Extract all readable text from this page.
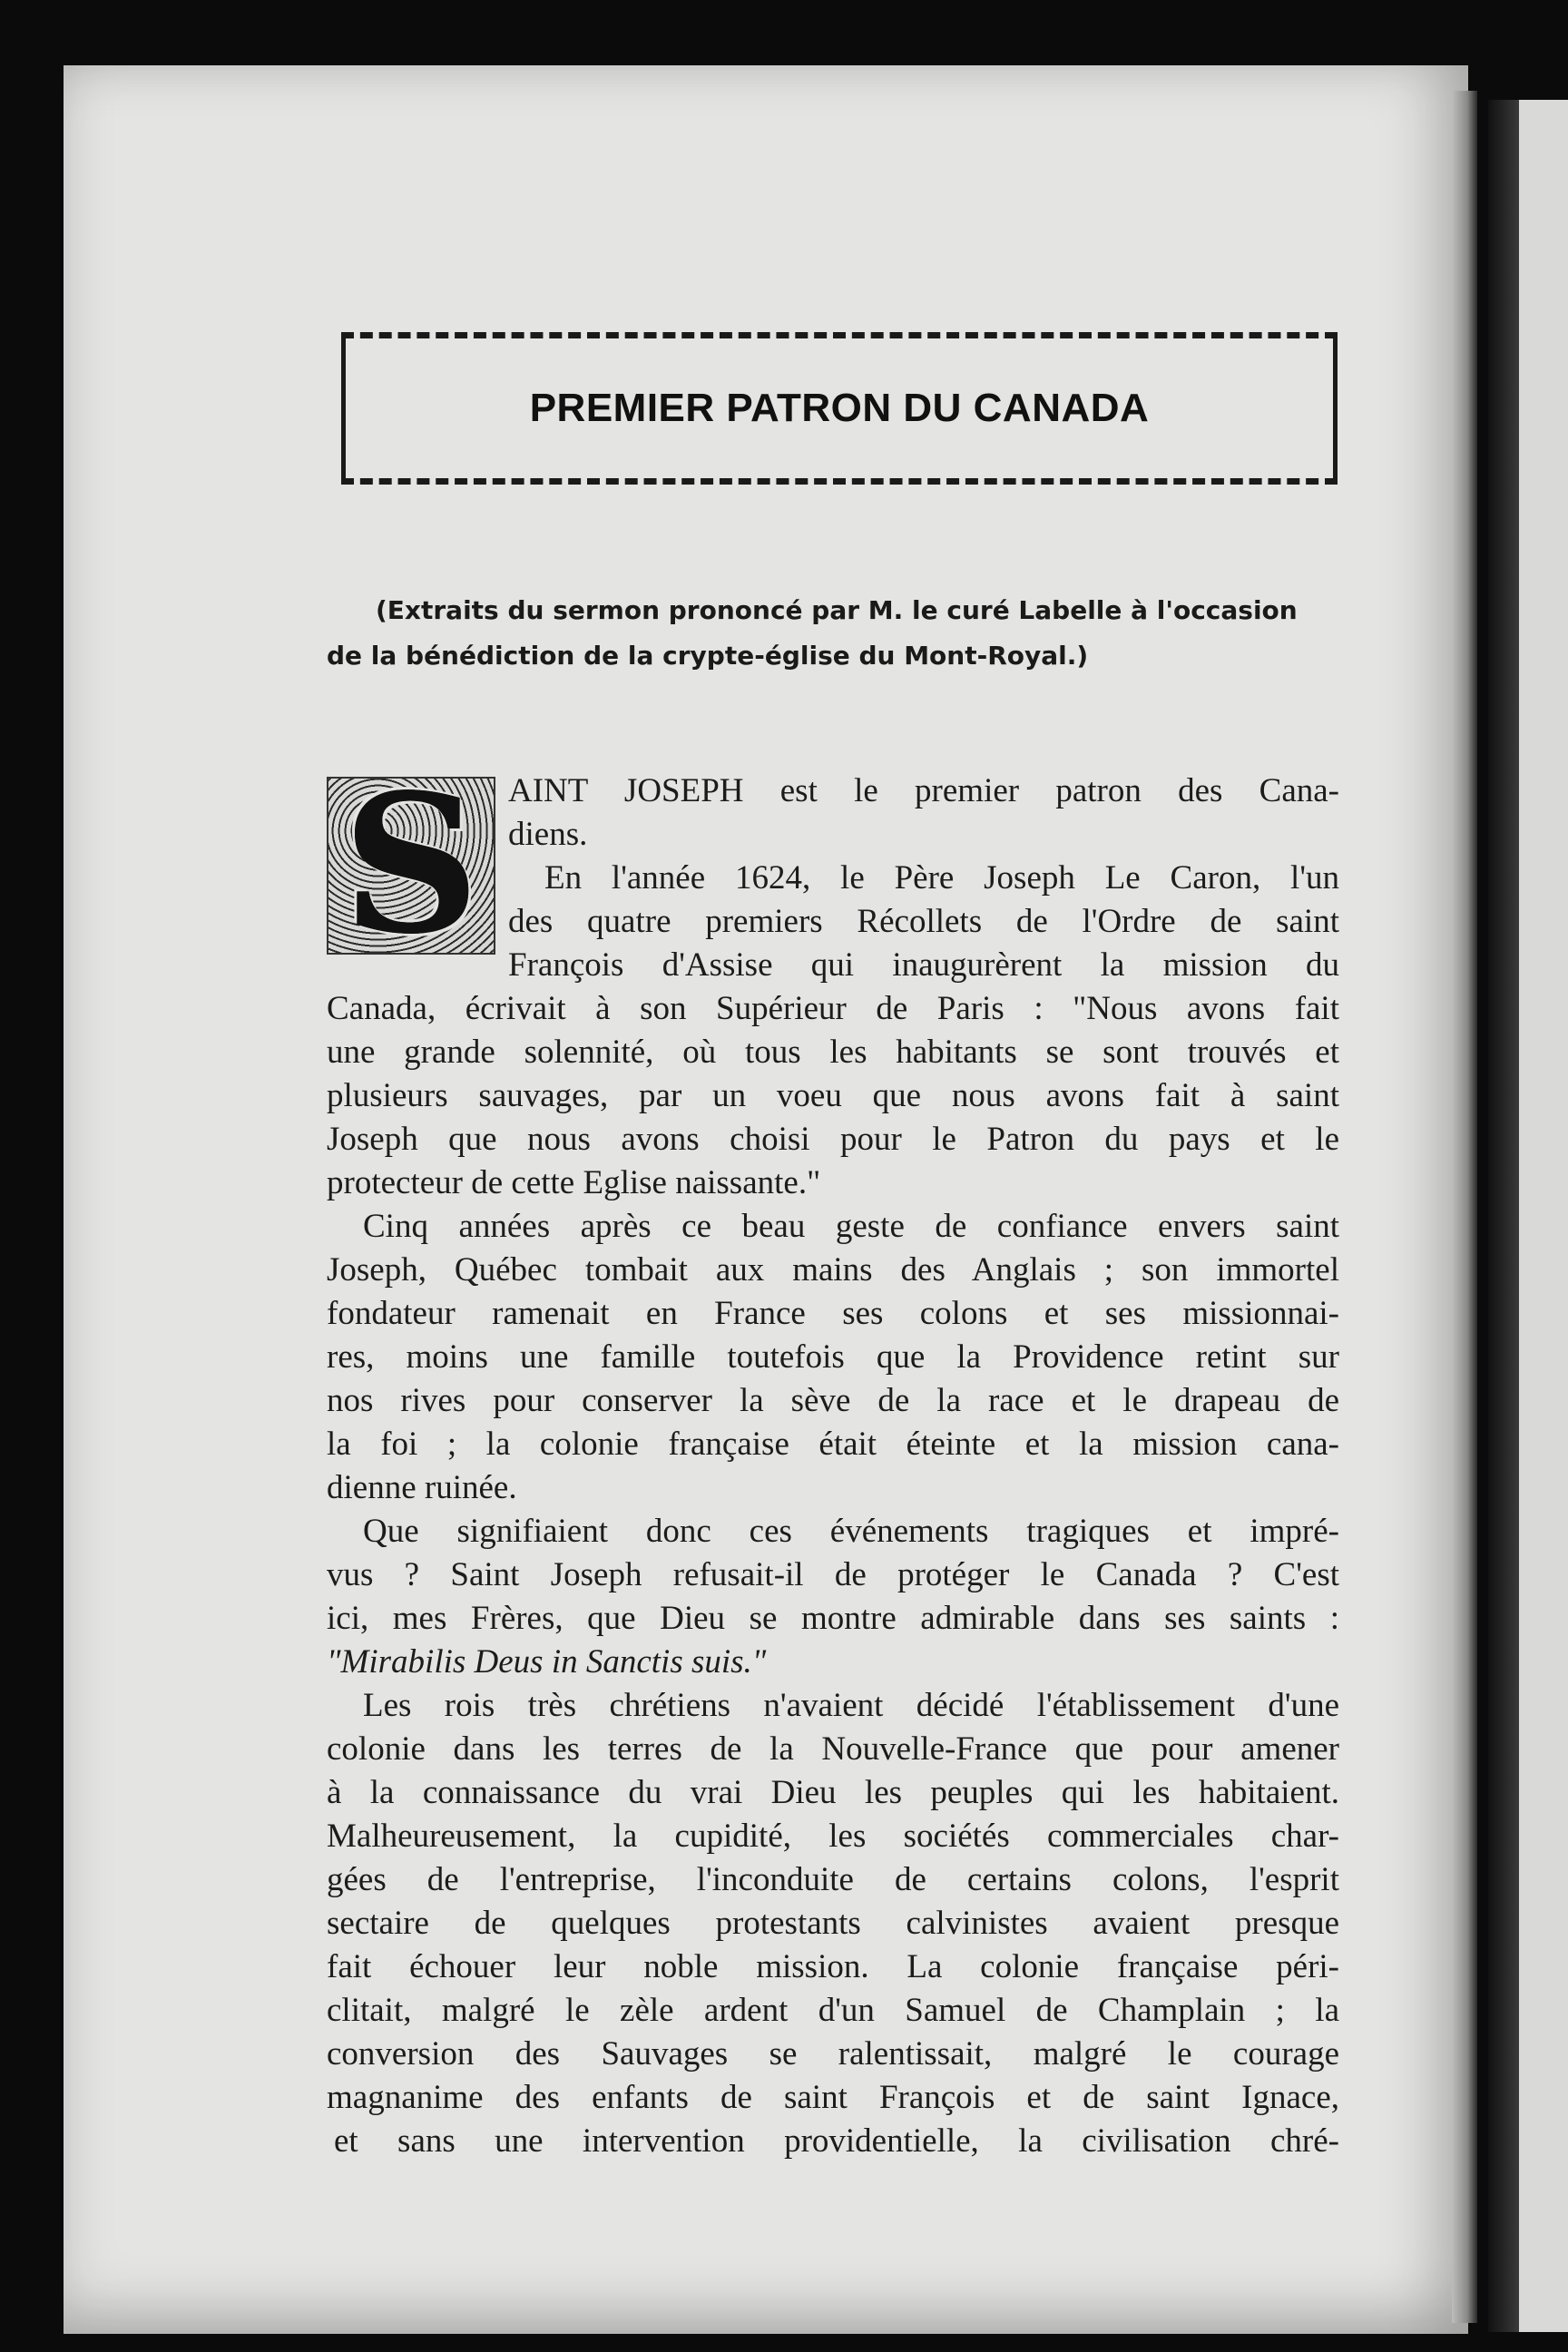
PREMIER PATRON DU CANADA
(Extraits du sermon prononcé par M. le curé Labelle à l'occasion
de la bénédiction de la crypte-église du Mont-Royal.)
S AINT JOSEPH est le premier patron des Cana-
diens.
En l'année 1624, le Père Joseph Le Caron, l'un
des quatre premiers Récollets de l'Ordre de saint
François d'Assise qui inaugurèrent la mission du
Canada, écrivait à son Supérieur de Paris : "Nous avons fait
une grande solennité, où tous les habitants se sont trouvés et
plusieurs sauvages, par un voeu que nous avons fait à saint
Joseph que nous avons choisi pour le Patron du pays et le
protecteur de cette Eglise naissante."
Cinq années après ce beau geste de confiance envers saint
Joseph, Québec tombait aux mains des Anglais ; son immortel
fondateur ramenait en France ses colons et ses missionnai-
res, moins une famille toutefois que la Providence retint sur
nos rives pour conserver la sève de la race et le drapeau de
la foi ; la colonie française était éteinte et la mission cana-
dienne ruinée.
Que signifiaient donc ces événements tragiques et impré-
vus ? Saint Joseph refusait-il de protéger le Canada ? C'est
ici, mes Frères, que Dieu se montre admirable dans ses saints :
"Mirabilis Deus in Sanctis suis."
Les rois très chrétiens n'avaient décidé l'établissement d'une
colonie dans les terres de la Nouvelle-France que pour amener
à la connaissance du vrai Dieu les peuples qui les habitaient.
Malheureusement, la cupidité, les sociétés commerciales char-
gées de l'entreprise, l'inconduite de certains colons, l'esprit
sectaire de quelques protestants calvinistes avaient presque
fait échouer leur noble mission. La colonie française péri-
clitait, malgré le zèle ardent d'un Samuel de Champlain ; la
conversion des Sauvages se ralentissait, malgré le courage
magnanime des enfants de saint François et de saint Ignace,
et sans une intervention providentielle, la civilisation chré-
